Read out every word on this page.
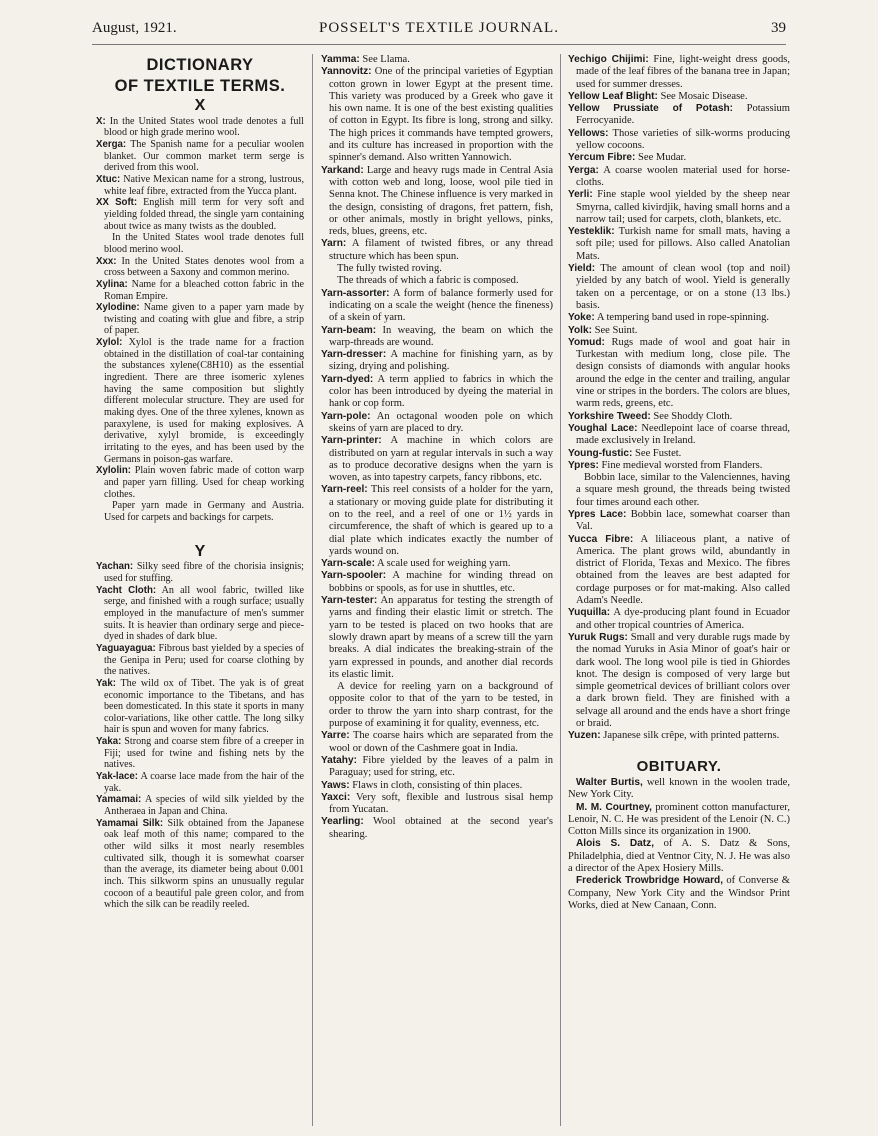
August, 1921.	POSSELT'S TEXTILE JOURNAL.	39
DICTIONARY
OF TEXTILE TERMS.
X

X: In the United States wool trade denotes a full blood or high grade merino wool.

Xerga: The Spanish name for a peculiar woolen blanket. Our common market term serge is derived from this wool.

Xtuc: Native Mexican name for a strong, lustrous, white leaf fibre, extracted from the Yucca plant.

XX Soft: English mill term for very soft and yielding folded thread, the single yarn containing about twice as many twists as the doubled.

In the United States wool trade denotes full blood merino wool.

Xxx: In the United States denotes wool from a cross between a Saxony and common merino.

Xylina: Name for a bleached cotton fabric in the Roman Empire.

Xylodine: Name given to a paper yarn made by twisting and coating with glue and fibre, a strip of paper.

Xylol: Xylol is the trade name for a fraction obtained in the distillation of coal-tar containing the substances xylene(C8H10) as the essential ingredient. There are three isomeric xylenes having the same composition but slightly different molecular structure. They are used for making dyes. One of the three xylenes, known as paraxylene, is used for making explosives. A derivative, xylyl bromide, is exceedingly irritating to the eyes, and has been used by the Germans in poison-gas warfare.

Xylolin: Plain woven fabric made of cotton warp and paper yarn filling. Used for cheap working clothes.

Paper yarn made in Germany and Austria. Used for carpets and backings for carpets.

Y

Yachan: Silky seed fibre of the chorisia insignis; used for stuffing.

Yacht Cloth: An all wool fabric, twilled like serge, and finished with a rough surface; usually employed in the manufacture of men's summer suits. It is heavier than ordinary serge and piece-dyed in shades of dark blue.

Yaguayagua: Fibrous bast yielded by a species of the Genipa in Peru; used for coarse clothing by the natives.

Yak: The wild ox of Tibet. The yak is of great economic importance to the Tibetans, and has been domesticated. In this state it sports in many color-variations, like other cattle. The long silky hair is spun and woven for many fabrics.

Yaka: Strong and coarse stem fibre of a creeper in Fiji; used for twine and fishing nets by the natives.

Yak-lace: A coarse lace made from the hair of the yak.

Yamamai: A species of wild silk yielded by the Antheraea in Japan and China.

Yamamai Silk: Silk obtained from the Japanese oak leaf moth of this name; compared to the other wild silks it most nearly resembles cultivated silk, though it is somewhat coarser than the average, its diameter being about 0.001 inch. This silkworm spins an unusually regular cocoon of a beautiful pale green color, and from which the silk can be readily reeled.

Yamma: See Llama.

Yannovitz: One of the principal varieties of Egyptian cotton grown in lower Egypt at the present time. This variety was produced by a Greek who gave it his own name. It is one of the best existing qualities of cotton in Egypt. Its fibre is long, strong and silky. The high prices it commands have tempted growers, and its culture has increased in proportion with the spinner's demand. Also written Yannowich.

Yarkand: Large and heavy rugs made in Central Asia with cotton web and long, loose, wool pile tied in Senna knot. The Chinese influence is very marked in the design, consisting of dragons, fret pattern, fish, or other animals, mostly in bright yellows, pinks, reds, blues, greens, etc.

Yarn: A filament of twisted fibres, or any thread structure which has been spun.

The fully twisted roving.

The threads of which a fabric is composed.

Yarn-assorter: A form of balance formerly used for indicating on a scale the weight (hence the fineness) of a skein of yarn.

Yarn-beam: In weaving, the beam on which the warp-threads are wound.

Yarn-dresser: A machine for finishing yarn, as by sizing, drying and polishing.

Yarn-dyed: A term applied to fabrics in which the color has been introduced by dyeing the material in hank or cop form.

Yarn-pole: An octagonal wooden pole on which skeins of yarn are placed to dry.

Yarn-printer: A machine in which colors are distributed on yarn at regular intervals in such a way as to produce decorative designs when the yarn is woven, as into tapestry carpets, fancy ribbons, etc.

Yarn-reel: This reel consists of a holder for the yarn, a stationary or moving guide plate for distributing it on to the reel, and a reel of one or 1½ yards in circumference, the shaft of which is geared up to a dial plate which indicates exactly the number of yards wound on.

Yarn-scale: A scale used for weighing yarn.

Yarn-spooler: A machine for winding thread on bobbins or spools, as for use in shuttles, etc.

Yarn-tester: An apparatus for testing the strength of yarns and finding their elastic limit or stretch. The yarn to be tested is placed on two hooks that are slowly drawn apart by means of a screw till the yarn breaks. A dial indicates the breaking-strain of the yarn expressed in pounds, and another dial records its elastic limit.

A device for reeling yarn on a background of opposite color to that of the yarn to be tested, in order to throw the yarn into sharp contrast, for the purpose of examining it for quality, evenness, etc.

Yarre: The coarse hairs which are separated from the wool or down of the Cashmere goat in India.

Yatahy: Fibre yielded by the leaves of a palm in Paraguay; used for string, etc.

Yaws: Flaws in cloth, consisting of thin places.

Yaxci: Very soft, flexible and lustrous sisal hemp from Yucatan.

Yearling: Wool obtained at the second year's shearing.

Yechigo Chijimi: Fine, light-weight dress goods, made of the leaf fibres of the banana tree in Japan; used for summer dresses.

Yellow Leaf Blight: See Mosaic Disease.

Yellow Prussiate of Potash: Potassium Ferrocyanide.

Yellows: Those varieties of silk-worms producing yellow cocoons.

Yercum Fibre: See Mudar.

Yerga: A coarse woolen material used for horse-cloths.

Yerli: Fine staple wool yielded by the sheep near Smyrna, called kivirdjik, having small horns and a narrow tail; used for carpets, cloth, blankets, etc.

Yesteklik: Turkish name for small mats, having a soft pile; used for pillows. Also called Anatolian Mats.

Yield: The amount of clean wool (top and noil) yielded by any batch of wool. Yield is generally taken on a percentage, or on a stone (13 lbs.) basis.

Yoke: A tempering band used in rope-spinning.

Yolk: See Suint.

Yomud: Rugs made of wool and goat hair in Turkestan with medium long, close pile. The design consists of diamonds with angular hooks around the edge in the center and trailing, angular vine or stripes in the borders. The colors are blues, warm reds, greens, etc.

Yorkshire Tweed: See Shoddy Cloth.

Youghal Lace: Needlepoint lace of coarse thread, made exclusively in Ireland.

Young-fustic: See Fustet.

Ypres: Fine medieval worsted from Flanders.

Bobbin lace, similar to the Valenciennes, having a square mesh ground, the threads being twisted four times around each other.

Ypres Lace: Bobbin lace, somewhat coarser than Val.

Yucca Fibre: A liliaceous plant, a native of America. The plant grows wild, abundantly in district of Florida, Texas and Mexico. The fibres obtained from the leaves are best adapted for cordage purposes or for mat-making. Also called Adam's Needle.

Yuquilla: A dye-producing plant found in Ecuador and other tropical countries of America.

Yuruk Rugs: Small and very durable rugs made by the nomad Yuruks in Asia Minor of goat's hair or dark wool. The long wool pile is tied in Ghiordes knot. The design is composed of very large but simple geometrical devices of brilliant colors over a dark brown field. They are finished with a selvage all around and the ends have a short fringe or braid.

Yuzen: Japanese silk crêpe, with printed patterns.

OBITUARY.

Walter Burtis, well known in the woolen trade, New York City.

M. M. Courtney, prominent cotton manufacturer, Lenoir, N. C. He was president of the Lenoir (N. C.) Cotton Mills since its organization in 1900.

Alois S. Datz, of A. S. Datz & Sons, Philadelphia, died at Ventnor City, N. J. He was also a director of the Apex Hosiery Mills.

Frederick Trowbridge Howard, of Converse & Company, New York City and the Windsor Print Works, died at New Canaan, Conn.
